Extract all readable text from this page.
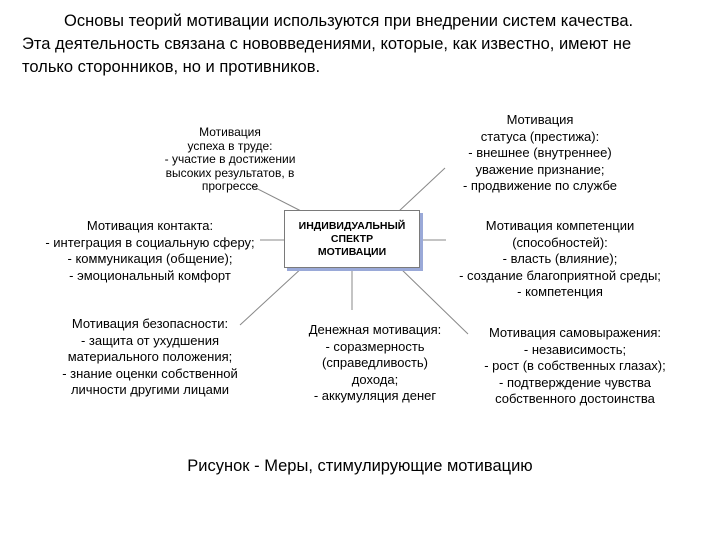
Основы теорий мотивации используются при внедрении систем качества.
Эта деятельность связана с нововведениями, которые, как известно, имеют не
только сторонников, но и противников.
Мотивация
успеха в труде:
- участие в достижении
высоких результатов, в
прогрессе
Мотивация
статуса (престижа):
- внешнее (внутреннее)
уважение признание;
- продвижение по службе
Мотивация контакта:
- интеграция в социальную сферу;
- коммуникация (общение);
- эмоциональный комфорт
ИНДИВИДУАЛЬНЫЙ
СПЕКТР
МОТИВАЦИИ
Мотивация компетенции
(способностей):
- власть (влияние);
- создание благоприятной среды;
- компетенция
Мотивация безопасности:
- защита от ухудшения
материального положения;
- знание оценки собственной
личности другими лицами
Денежная мотивация:
- соразмерность
(справедливость)
дохода;
- аккумуляция денег
Мотивация самовыражения:
- независимость;
- рост (в собственных глазах);
- подтверждение чувства
собственного достоинства
Рисунок - Меры, стимулирующие мотивацию
